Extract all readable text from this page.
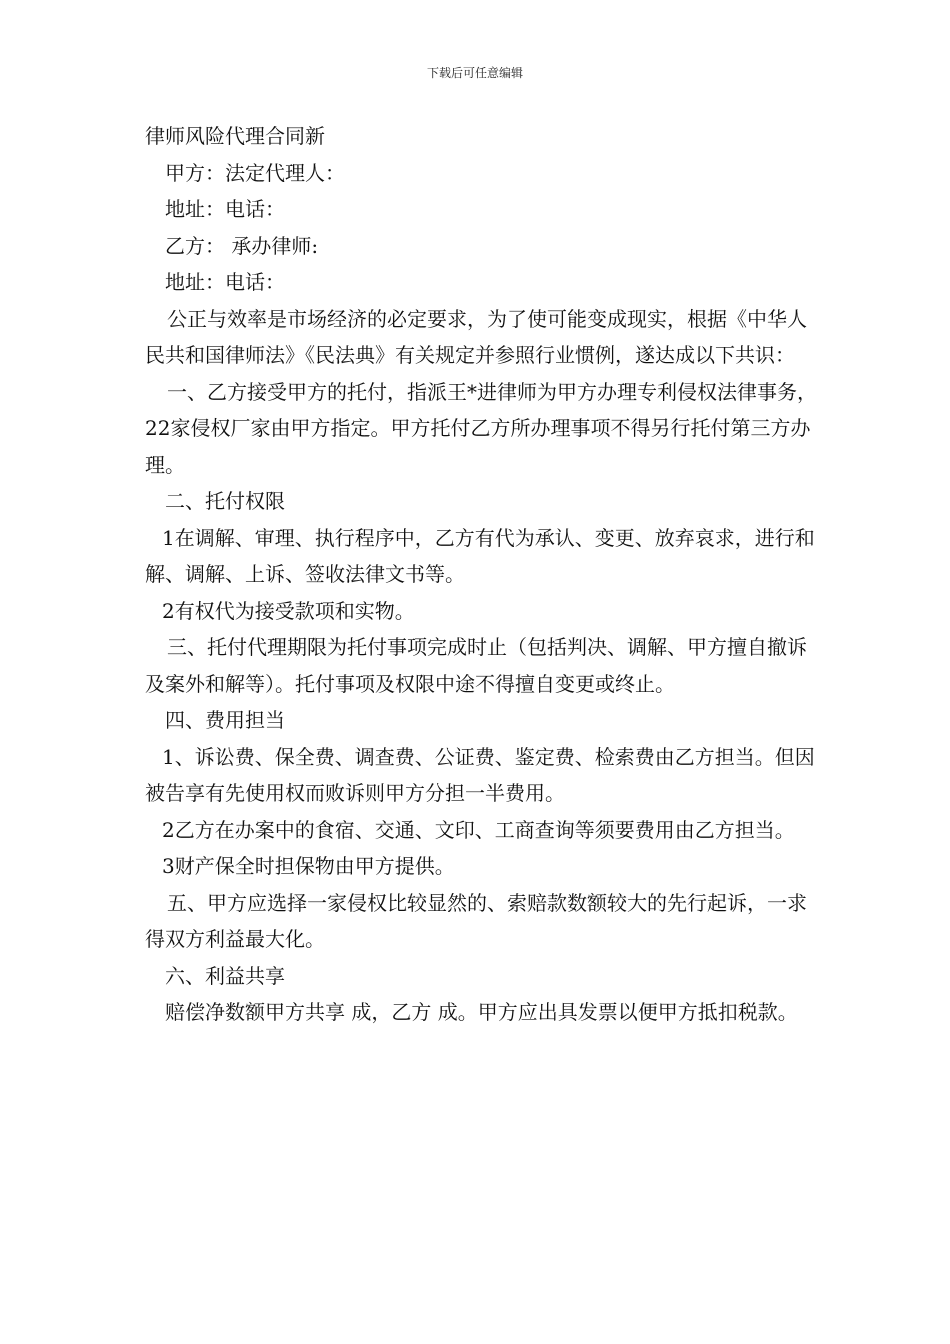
下载后可任意编辑

律师风险代理合同新

甲方：法定代理人：

地址：电话：

乙方： 承办律师:

地址：电话：

公正与效率是市场经济的必定要求，为了使可能变成现实，根据《中华人民共和国律师法》《民法典》有关规定并参照行业惯例，遂达成以下共识：

一、乙方接受甲方的托付，指派王*进律师为甲方办理专利侵权法律事务，22家侵权厂家由甲方指定。甲方托付乙方所办理事项不得另行托付第三方办理。

二、托付权限

1在调解、审理、执行程序中，乙方有代为承认、变更、放弃哀求，进行和解、调解、上诉、签收法律文书等。

2有权代为接受款项和实物。

三、托付代理期限为托付事项完成时止（包括判决、调解、甲方擅自撤诉及案外和解等）。托付事项及权限中途不得擅自变更或终止。

四、费用担当

1、诉讼费、保全费、调查费、公证费、鉴定费、检索费由乙方担当。但因被告享有先使用权而败诉则甲方分担一半费用。

2乙方在办案中的食宿、交通、文印、工商查询等须要费用由乙方担当。

3财产保全时担保物由甲方提供。

五、甲方应选择一家侵权比较显然的、索赔款数额较大的先行起诉，一求得双方利益最大化。

六、利益共享

赔偿净数额甲方共享 成，乙方 成。甲方应出具发票以便甲方抵扣税款。
